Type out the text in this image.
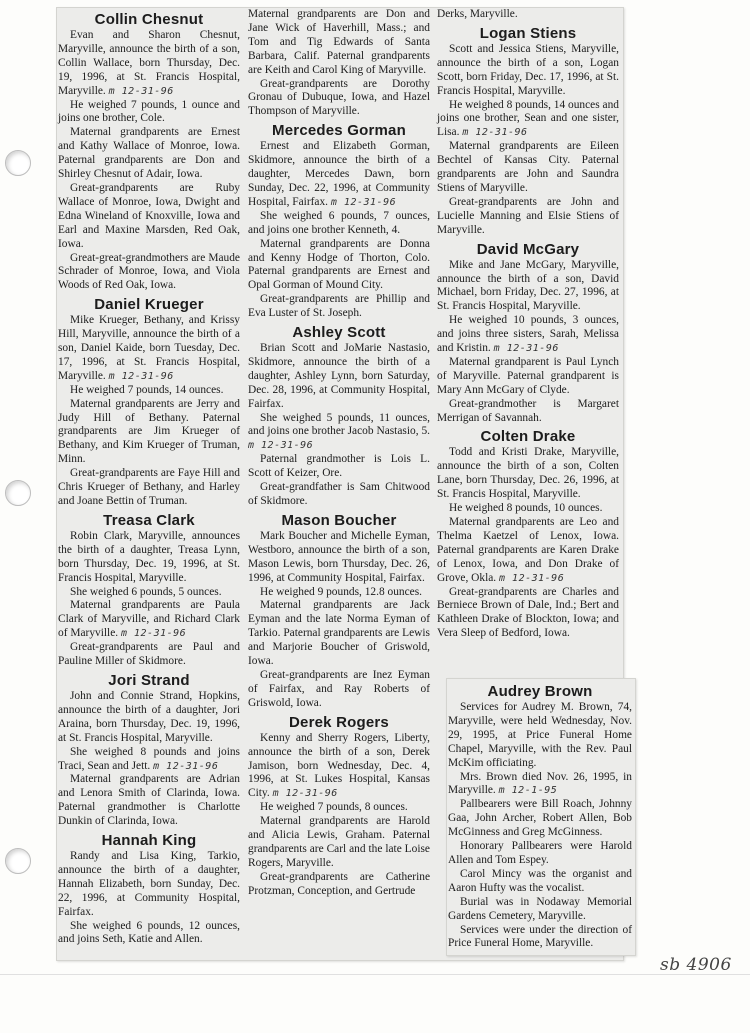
Collin Chesnut

Evan and Sharon Chesnut, Maryville, announce the birth of a son, Collin Wallace, born Thursday, Dec. 19, 1996, at St. Francis Hospital, Maryville. m 12-31-96

He weighed 7 pounds, 1 ounce and joins one brother, Cole.

Maternal grandparents are Ernest and Kathy Wallace of Monroe, Iowa. Paternal grandparents are Don and Shirley Chesnut of Adair, Iowa.

Great-grandparents are Ruby Wallace of Monroe, Iowa, Dwight and Edna Wineland of Knoxville, Iowa and Earl and Maxine Marsden, Red Oak, Iowa.

Great-great-grandmothers are Maude Schrader of Monroe, Iowa, and Viola Woods of Red Oak, Iowa.

Daniel Krueger

Mike Krueger, Bethany, and Krissy Hill, Maryville, announce the birth of a son, Daniel Kaide, born Tuesday, Dec. 17, 1996, at St. Francis Hospital, Maryville. m 12-31-96

He weighed 7 pounds, 14 ounces.

Maternal grandparents are Jerry and Judy Hill of Bethany. Paternal grandparents are Jim Krueger of Bethany, and Kim Krueger of Truman, Minn.

Great-grandparents are Faye Hill and Chris Krueger of Bethany, and Harley and Joane Bettin of Truman.

Treasa Clark

Robin Clark, Maryville, announces the birth of a daughter, Treasa Lynn, born Thursday, Dec. 19, 1996, at St. Francis Hospital, Maryville.

She weighed 6 pounds, 5 ounces.

Maternal grandparents are Paula Clark of Maryville, and Richard Clark of Maryville. m 12-31-96

Great-grandparents are Paul and Pauline Miller of Skidmore.

Jori Strand

John and Connie Strand, Hopkins, announce the birth of a daughter, Jori Araina, born Thursday, Dec. 19, 1996, at St. Francis Hospital, Maryville.

She weighed 8 pounds and joins Traci, Sean and Jett. m 12-31-96

Maternal grandparents are Adrian and Lenora Smith of Clarinda, Iowa. Paternal grandmother is Charlotte Dunkin of Clarinda, Iowa.

Hannah King

Randy and Lisa King, Tarkio, announce the birth of a daughter, Hannah Elizabeth, born Sunday, Dec. 22, 1996, at Community Hospital, Fairfax.

She weighed 6 pounds, 12 ounces, and joins Seth, Katie and Allen.

Maternal grandparents are Don and Jane Wick of Haverhill, Mass.; and Tom and Tig Edwards of Santa Barbara, Calif. Paternal grandparents are Keith and Carol King of Maryville.

Great-grandparents are Dorothy Gronau of Dubuque, Iowa, and Hazel Thompson of Maryville.

Mercedes Gorman

Ernest and Elizabeth Gorman, Skidmore, announce the birth of a daughter, Mercedes Dawn, born Sunday, Dec. 22, 1996, at Community Hospital, Fairfax. m 12-31-96

She weighed 6 pounds, 7 ounces, and joins one brother Kenneth, 4.

Maternal grandparents are Donna and Kenny Hodge of Thorton, Colo. Paternal grandparents are Ernest and Opal Gorman of Mound City.

Great-grandparents are Phillip and Eva Luster of St. Joseph.

Ashley Scott

Brian Scott and JoMarie Nastasio, Skidmore, announce the birth of a daughter, Ashley Lynn, born Saturday, Dec. 28, 1996, at Community Hospital, Fairfax.

She weighed 5 pounds, 11 ounces, and joins one brother Jacob Nastasio, 5. m 12-31-96

Paternal grandmother is Lois L. Scott of Keizer, Ore.

Great-grandfather is Sam Chitwood of Skidmore.

Mason Boucher

Mark Boucher and Michelle Eyman, Westboro, announce the birth of a son, Mason Lewis, born Thursday, Dec. 26, 1996, at Community Hospital, Fairfax.

He weighed 9 pounds, 12.8 ounces.

Maternal grandparents are Jack Eyman and the late Norma Eyman of Tarkio. Paternal grandparents are Lewis and Marjorie Boucher of Griswold, Iowa.

Great-grandparents are Inez Eyman of Fairfax, and Ray Roberts of Griswold, Iowa.

Derek Rogers

Kenny and Sherry Rogers, Liberty, announce the birth of a son, Derek Jamison, born Wednesday, Dec. 4, 1996, at St. Lukes Hospital, Kansas City. m 12-31-96

He weighed 7 pounds, 8 ounces.

Maternal grandparents are Harold and Alicia Lewis, Graham. Paternal grandparents are Carl and the late Loise Rogers, Maryville.

Great-grandparents are Catherine Protzman, Conception, and Gertrude

Derks, Maryville.

Logan Stiens

Scott and Jessica Stiens, Maryville, announce the birth of a son, Logan Scott, born Friday, Dec. 17, 1996, at St. Francis Hospital, Maryville.

He weighed 8 pounds, 14 ounces and joins one brother, Sean and one sister, Lisa. m 12-31-96

Maternal grandparents are Eileen Bechtel of Kansas City. Paternal grandparents are John and Saundra Stiens of Maryville.

Great-grandparents are John and Lucielle Manning and Elsie Stiens of Maryville.

David McGary

Mike and Jane McGary, Maryville, announce the birth of a son, David Michael, born Friday, Dec. 27, 1996, at St. Francis Hospital, Maryville.

He weighed 10 pounds, 3 ounces, and joins three sisters, Sarah, Melissa and Kristin. m 12-31-96

Maternal grandparent is Paul Lynch of Maryville. Paternal grandparent is Mary Ann McGary of Clyde.

Great-grandmother is Margaret Merrigan of Savannah.

Colten Drake

Todd and Kristi Drake, Maryville, announce the birth of a son, Colten Lane, born Thursday, Dec. 26, 1996, at St. Francis Hospital, Maryville.

He weighed 8 pounds, 10 ounces.

Maternal grandparents are Leo and Thelma Kaetzel of Lenox, Iowa. Paternal grandparents are Karen Drake of Lenox, Iowa, and Don Drake of Grove, Okla. m 12-31-96

Great-grandparents are Charles and Berniece Brown of Dale, Ind.; Bert and Kathleen Drake of Blockton, Iowa; and Vera Sleep of Bedford, Iowa.

Audrey Brown

Services for Audrey M. Brown, 74, Maryville, were held Wednesday, Nov. 29, 1995, at Price Funeral Home Chapel, Maryville, with the Rev. Paul McKim officiating.

Mrs. Brown died Nov. 26, 1995, in Maryville. m 12-1-95

Pallbearers were Bill Roach, Johnny Gaa, John Archer, Robert Allen, Bob McGinness and Greg McGinness.

Honorary Pallbearers were Harold Allen and Tom Espey.

Carol Mincy was the organist and Aaron Hufty was the vocalist.

Burial was in Nodaway Memorial Gardens Cemetery, Maryville.

Services were under the direction of Price Funeral Home, Maryville.

sb 4906
